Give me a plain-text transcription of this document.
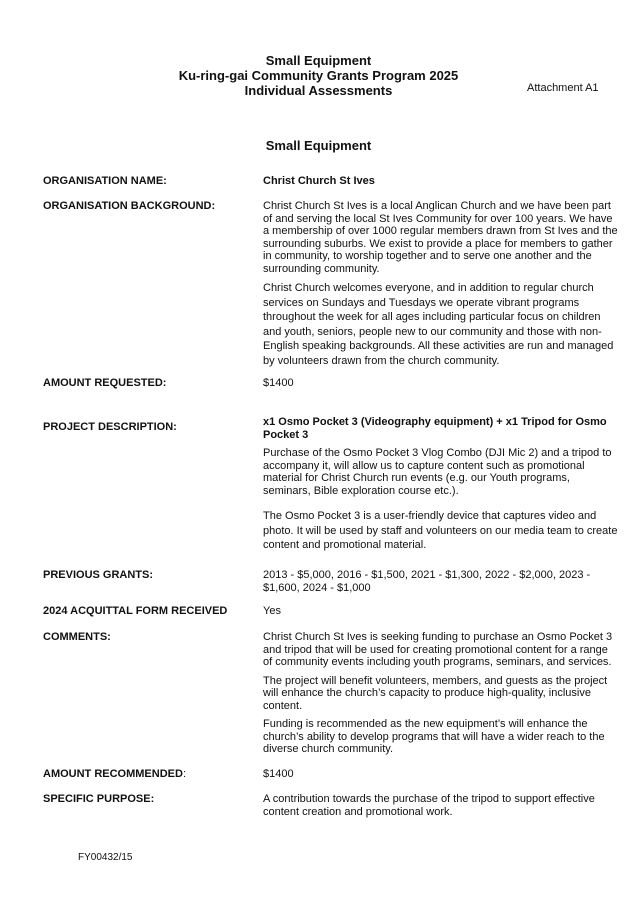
Small Equipment
Ku-ring-gai Community Grants Program 2025
Individual Assessments	Attachment A1
Small Equipment
ORGANISATION NAME:	Christ Church St Ives
ORGANISATION BACKGROUND:	Christ Church St Ives is a local Anglican Church and we have been part of and serving the local St Ives Community for over 100 years. We have a membership of over 1000 regular members drawn from St Ives and the surrounding suburbs. We exist to provide a place for members to gather in community, to worship together and to serve one another and the surrounding community.

Christ Church welcomes everyone, and in addition to regular church services on Sundays and Tuesdays we operate vibrant programs throughout the week for all ages including particular focus on children and youth, seniors, people new to our community and those with non-English speaking backgrounds. All these activities are run and managed by volunteers drawn from the church community.

AMOUNT REQUESTED:	$1400
PROJECT DESCRIPTION:	x1 Osmo Pocket 3 (Videography equipment) + x1 Tripod for Osmo Pocket 3

Purchase of the Osmo Pocket 3 Vlog Combo (DJI Mic 2) and a tripod to accompany it, will allow us to capture content such as promotional material for Christ Church run events (e.g. our Youth programs, seminars, Bible exploration course etc.).

The Osmo Pocket 3 is a user-friendly device that captures video and photo. It will be used by staff and volunteers on our media team to create content and promotional material.

PREVIOUS GRANTS:	2013 - $5,000, 2016 - $1,500, 2021 - $1,300, 2022 - $2,000, 2023 - $1,600, 2024 - $1,000
2024 ACQUITTAL FORM RECEIVED	Yes
COMMENTS:	Christ Church St Ives is seeking funding to purchase an Osmo Pocket 3 and tripod that will be used for creating promotional content for a range of community events including youth programs, seminars, and services.

The project will benefit volunteers, members, and guests as the project will enhance the church’s capacity to produce high-quality, inclusive content.

Funding is recommended as the new equipment’s will enhance the church’s ability to develop programs that will have a wider reach to the diverse church community.

AMOUNT RECOMMENDED:	$1400
SPECIFIC PURPOSE:	A contribution towards the purchase of the tripod to support effective content creation and promotional work.
FY00432/15
